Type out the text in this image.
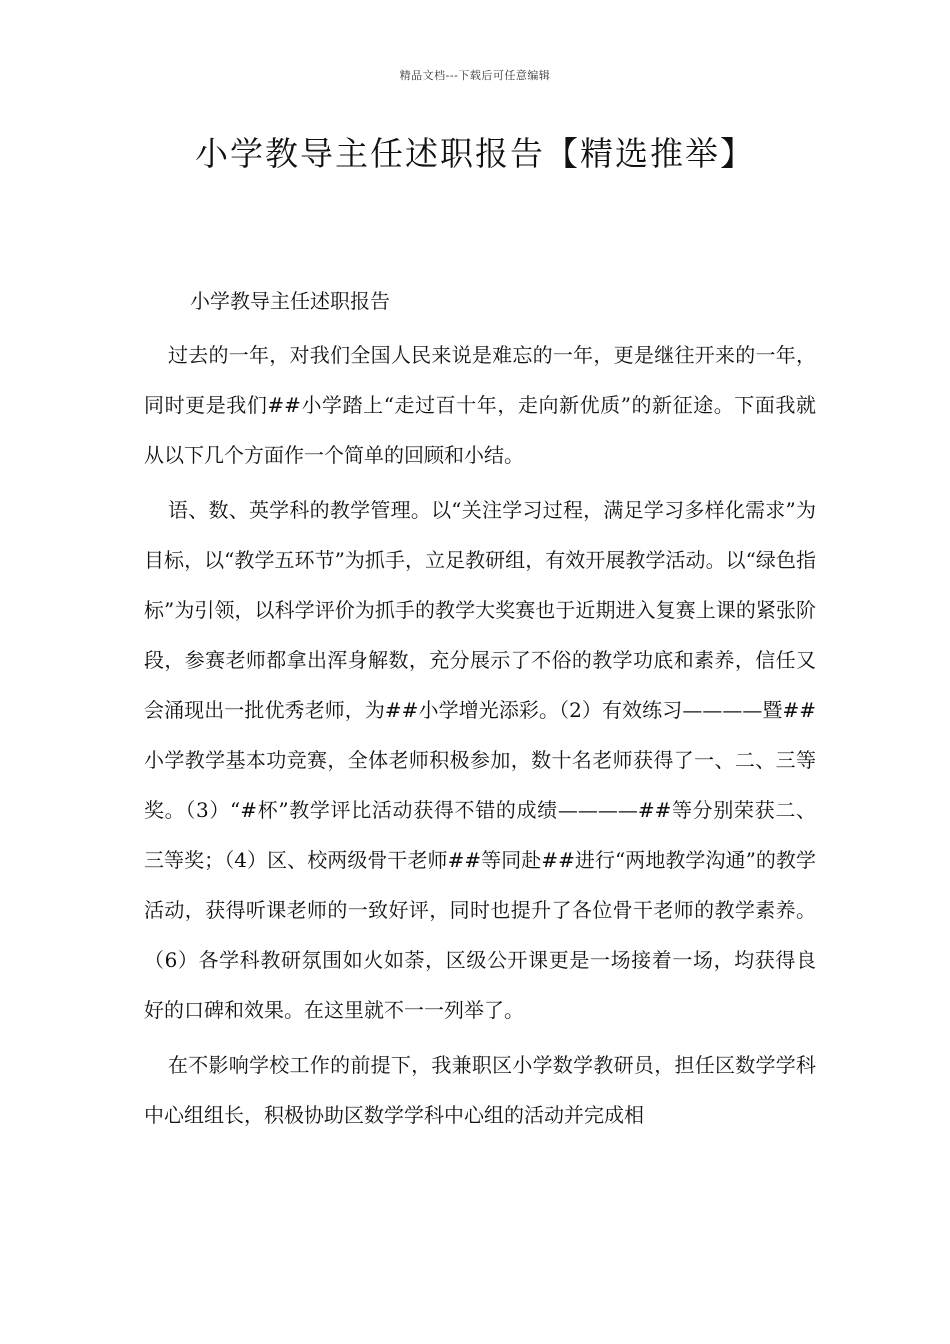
精品文档---下载后可任意编辑
小学教导主任述职报告【精选推举】
小学教导主任述职报告

过去的一年，对我们全国人民来说是难忘的一年，更是继往开来的一年，同时更是我们##小学踏上“走过百十年，走向新优质”的新征途。下面我就从以下几个方面作一个简单的回顾和小结。

语、数、英学科的教学管理。以“关注学习过程，满足学习多样化需求”为目标，以“教学五环节”为抓手，立足教研组，有效开展教学活动。以“绿色指标”为引领，以科学评价为抓手的教学大奖赛也于近期进入复赛上课的紧张阶段，参赛老师都拿出浑身解数，充分展示了不俗的教学功底和素养，信任又会涌现出一批优秀老师，为##小学增光添彩。（2）有效练习————暨##小学教学基本功竞赛，全体老师积极参加，数十名老师获得了一、二、三等奖。（3）“#杯”教学评比活动获得不错的成绩————##等分别荣获二、三等奖；（4）区、校两级骨干老师##等同赴##进行“两地教学沟通”的教学活动，获得听课老师的一致好评，同时也提升了各位骨干老师的教学素养。（6）各学科教研氛围如火如荼，区级公开课更是一场接着一场，均获得良好的口碑和效果。在这里就不一一列举了。

在不影响学校工作的前提下，我兼职区小学数学教研员，担任区数学学科中心组组长，积极协助区数学学科中心组的活动并完成相
